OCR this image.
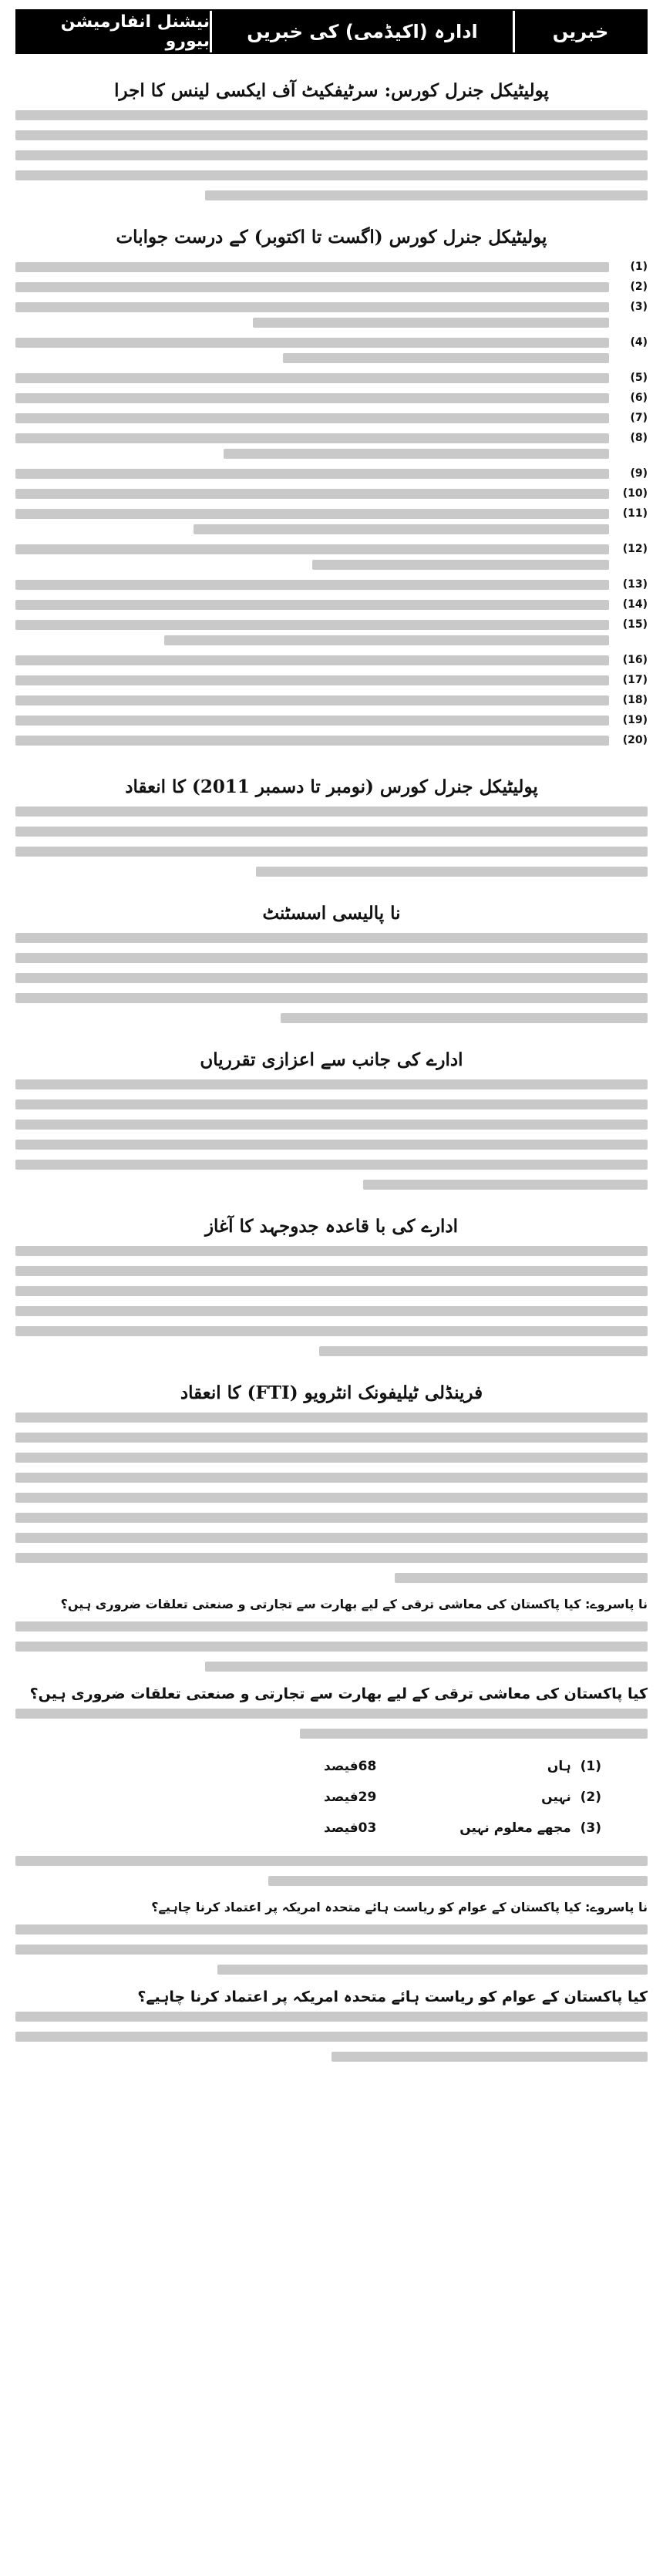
خبریں
ادارہ (اکیڈمی) کی خبریں
نیشنل انفارمیشن بیورو
پولیٹیکل جنرل کورس: سرٹیفکیٹ آف ایکسی لینس کا اجرا
پولیٹیکل جنرل کورس (اگست تا اکتوبر) کے درست جوابات
(1)
(2)
(3)
(4)
(5)
(6)
(7)
(8)
(9)
(10)
(11)
(12)
(13)
(14)
(15)
(16)
(17)
(18)
(19)
(20)
پولیٹیکل جنرل کورس (نومبر تا دسمبر 2011) کا انعقاد
نا پالیسی اسسٹنٹ
ادارے کی جانب سے اعزازی تقرریاں
ادارے کی با قاعدہ جدوجہد کا آغاز
فرینڈلی ٹیلیفونک انٹرویو (FTI) کا انعقاد
نا پاسروے: کیا پاکستان کی معاشی ترقی کے لیے بھارت سے تجارتی و صنعتی تعلقات ضروری ہیں؟
کیا پاکستان کی معاشی ترقی کے لیے بھارت سے تجارتی و صنعتی تعلقات ضروری ہیں؟
(1)  ہاں
68فیصد
(2)  نہیں
29فیصد
(3)  مجھے معلوم نہیں
03فیصد
نا پاسروے: کیا پاکستان کے عوام کو ریاست ہائے متحدہ امریکہ پر اعتماد کرنا چاہیے؟
کیا پاکستان کے عوام کو ریاست ہائے متحدہ امریکہ پر اعتماد کرنا چاہیے؟
